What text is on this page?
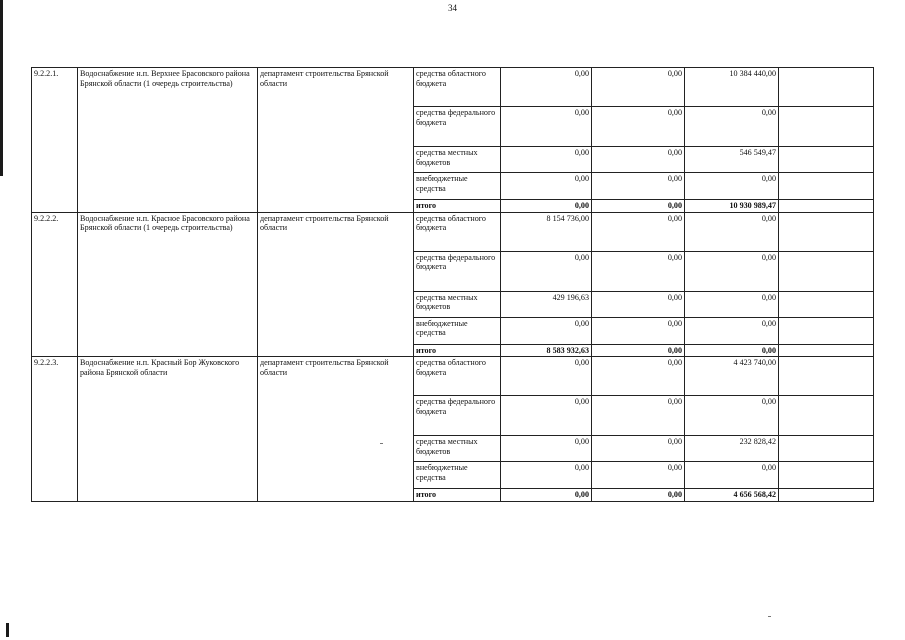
34
9.2.2.1.	Водоснабжение н.п. Верхнее Брасовского района Брянской области (1 очередь строительства)	департамент строительства Брянской области	средства областного бюджета	0,00	0,00	10 384 440,00	
			средства федерального бюджета	0,00	0,00	0,00	
			средства местных бюджетов	0,00	0,00	546 549,47	
			внебюджетные средства	0,00	0,00	0,00	
			итого	0,00	0,00	10 930 989,47	
9.2.2.2.	Водоснабжение н.п. Красное Брасовского района Брянской области (1 очередь строительства)	департамент строительства Брянской области	средства областного бюджета	8 154 736,00	0,00	0,00	
			средства федерального бюджета	0,00	0,00	0,00	
			средства местных бюджетов	429 196,63	0,00	0,00	
			внебюджетные средства	0,00	0,00	0,00	
			итого	8 583 932,63	0,00	0,00	
9.2.2.3.	Водоснабжение н.п. Красный Бор Жуковского района Брянской области	департамент строительства Брянской области	средства областного бюджета	0,00	0,00	4 423 740,00	
			средства федерального бюджета	0,00	0,00	0,00	
			средства местных бюджетов	0,00	0,00	232 828,42	
			внебюджетные средства	0,00	0,00	0,00	
			итого	0,00	0,00	4 656 568,42	
